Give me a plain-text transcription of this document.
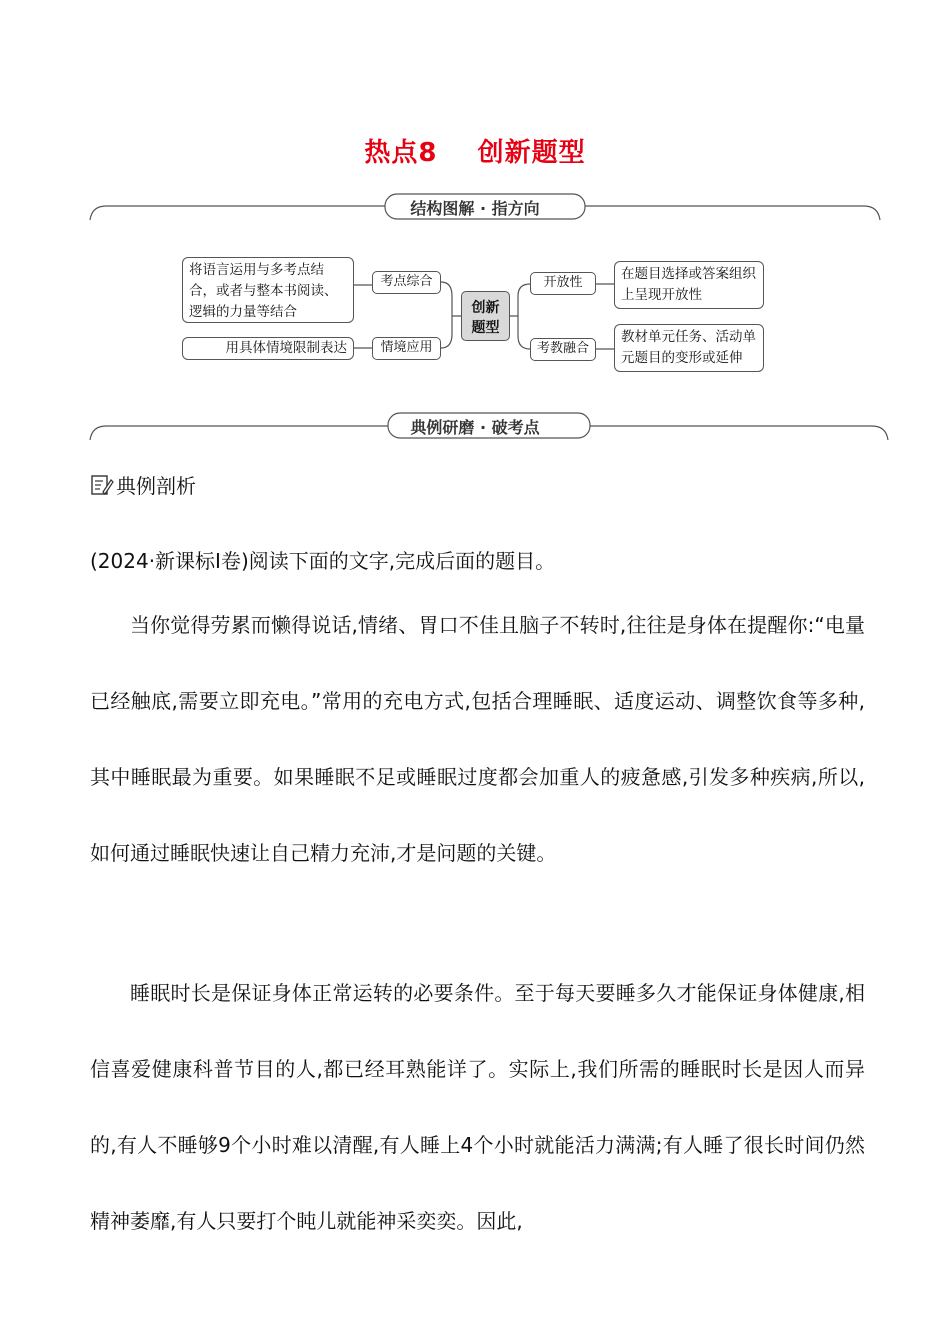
热点8 创新题型
结构图解 · 指方向
将语言运用与多考点结合，或者与整本书阅读、逻辑的力量等结合
用具体情境限制表达
考点综合
情境应用
创新
题型
开放性
考教融合
在题目选择或答案组织上呈现开放性
教材单元任务、活动单元题目的变形或延伸
典例研磨 · 破考点
典例剖析
(2024·新课标Ⅰ卷)阅读下面的文字,完成后面的题目。
当你觉得劳累而懒得说话,情绪、胃口不佳且脑子不转时,往往是身体在提醒你:“电量已经触底,需要立即充电。”常用的充电方式,包括合理睡眠、适度运动、调整饮食等多种,其中睡眠最为重要。如果睡眠不足或睡眠过度都会加重人的疲惫感,引发多种疾病,所以,如何通过睡眠快速让自己精力充沛,才是问题的关键。
睡眠时长是保证身体正常运转的必要条件。至于每天要睡多久才能保证身体健康,相信喜爱健康科普节目的人,都已经耳熟能详了。实际上,我们所需的睡眠时长是因人而异的,有人不睡够9个小时难以清醒,有人睡上4个小时就能活力满满;有人睡了很长时间仍然精神萎靡,有人只要打个盹儿就能神采奕奕。因此,
